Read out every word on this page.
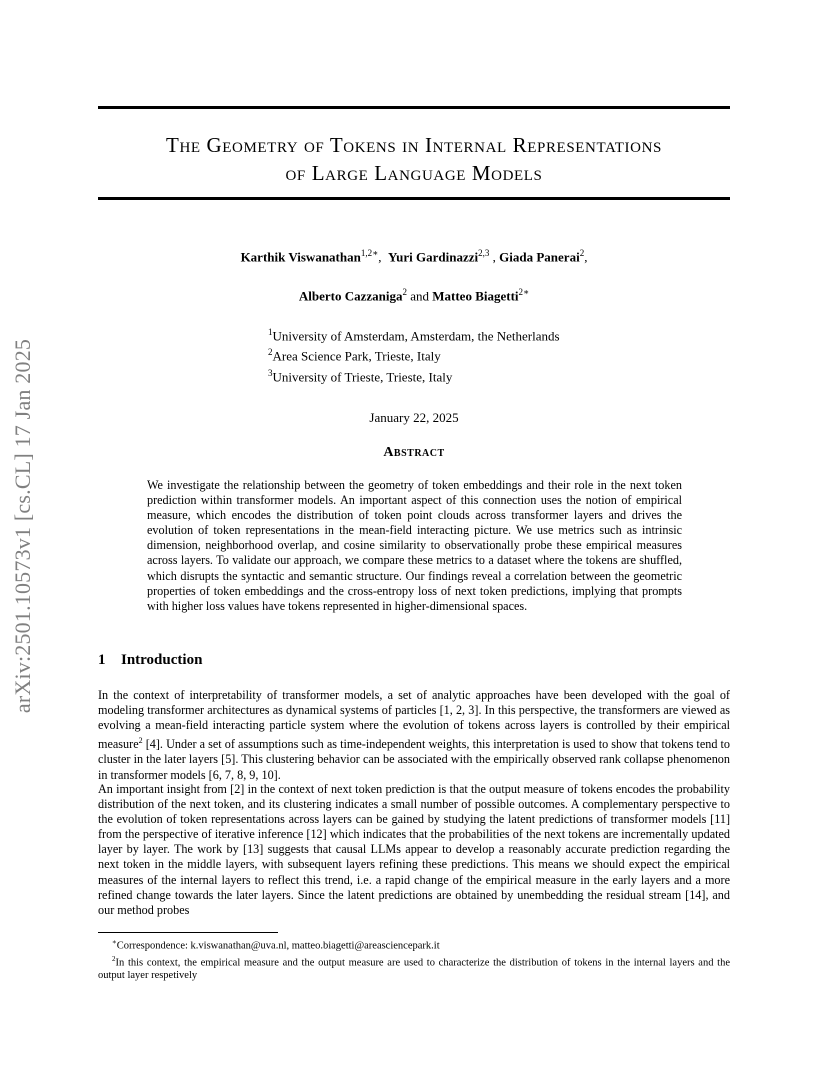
arXiv:2501.10573v1 [cs.CL] 17 Jan 2025
The Geometry of Tokens in Internal Representations
of Large Language Models
Karthik Viswanathan$^{1,2∗}$,  Yuri Gardinazzi$^{2,3}$ , Giada Panerai$^2$,
Alberto Cazzaniga$^2$ and Matteo Biagetti$^{2∗}$
$^1$University of Amsterdam, Amsterdam, the Netherlands
$^2$Area Science Park, Trieste, Italy
$^3$University of Trieste, Trieste, Italy
January 22, 2025
Abstract
We investigate the relationship between the geometry of token embeddings and their role in the next token prediction within transformer models. An important aspect of this connection uses the notion of empirical measure, which encodes the distribution of token point clouds across transformer layers and drives the evolution of token representations in the mean-field interacting picture. We use metrics such as intrinsic dimension, neighborhood overlap, and cosine similarity to observationally probe these empirical measures across layers. To validate our approach, we compare these metrics to a dataset where the tokens are shuffled, which disrupts the syntactic and semantic structure. Our findings reveal a correlation between the geometric properties of token embeddings and the cross-entropy loss of next token predictions, implying that prompts with higher loss values have tokens represented in higher-dimensional spaces.
1 Introduction
In the context of interpretability of transformer models, a set of analytic approaches have been developed with the goal of modeling transformer architectures as dynamical systems of particles [1, 2, 3]. In this perspective, the transformers are viewed as evolving a mean-field interacting particle system where the evolution of tokens across layers is controlled by their empirical measure$^2$ [4]. Under a set of assumptions such as time-independent weights, this interpretation is used to show that tokens tend to cluster in the later layers [5]. This clustering behavior can be associated with the empirically observed rank collapse phenomenon in transformer models [6, 7, 8, 9, 10].
An important insight from [2] in the context of next token prediction is that the output measure of tokens encodes the probability distribution of the next token, and its clustering indicates a small number of possible outcomes. A complementary perspective to the evolution of token representations across layers can be gained by studying the latent predictions of transformer models [11] from the perspective of iterative inference [12] which indicates that the probabilities of the next tokens are incrementally updated layer by layer. The work by [13] suggests that causal LLMs appear to develop a reasonably accurate prediction regarding the next token in the middle layers, with subsequent layers refining these predictions. This means we should expect the empirical measures of the internal layers to reflect this trend, i.e. a rapid change of the empirical measure in the early layers and a more refined change towards the later layers. Since the latent predictions are obtained by unembedding the residual stream [14], and our method probes
∗Correspondence: k.viswanathan@uva.nl, matteo.biagetti@areasciencepark.it
$^2$In this context, the empirical measure and the output measure are used to characterize the distribution of tokens in the internal layers and the output layer respetively
